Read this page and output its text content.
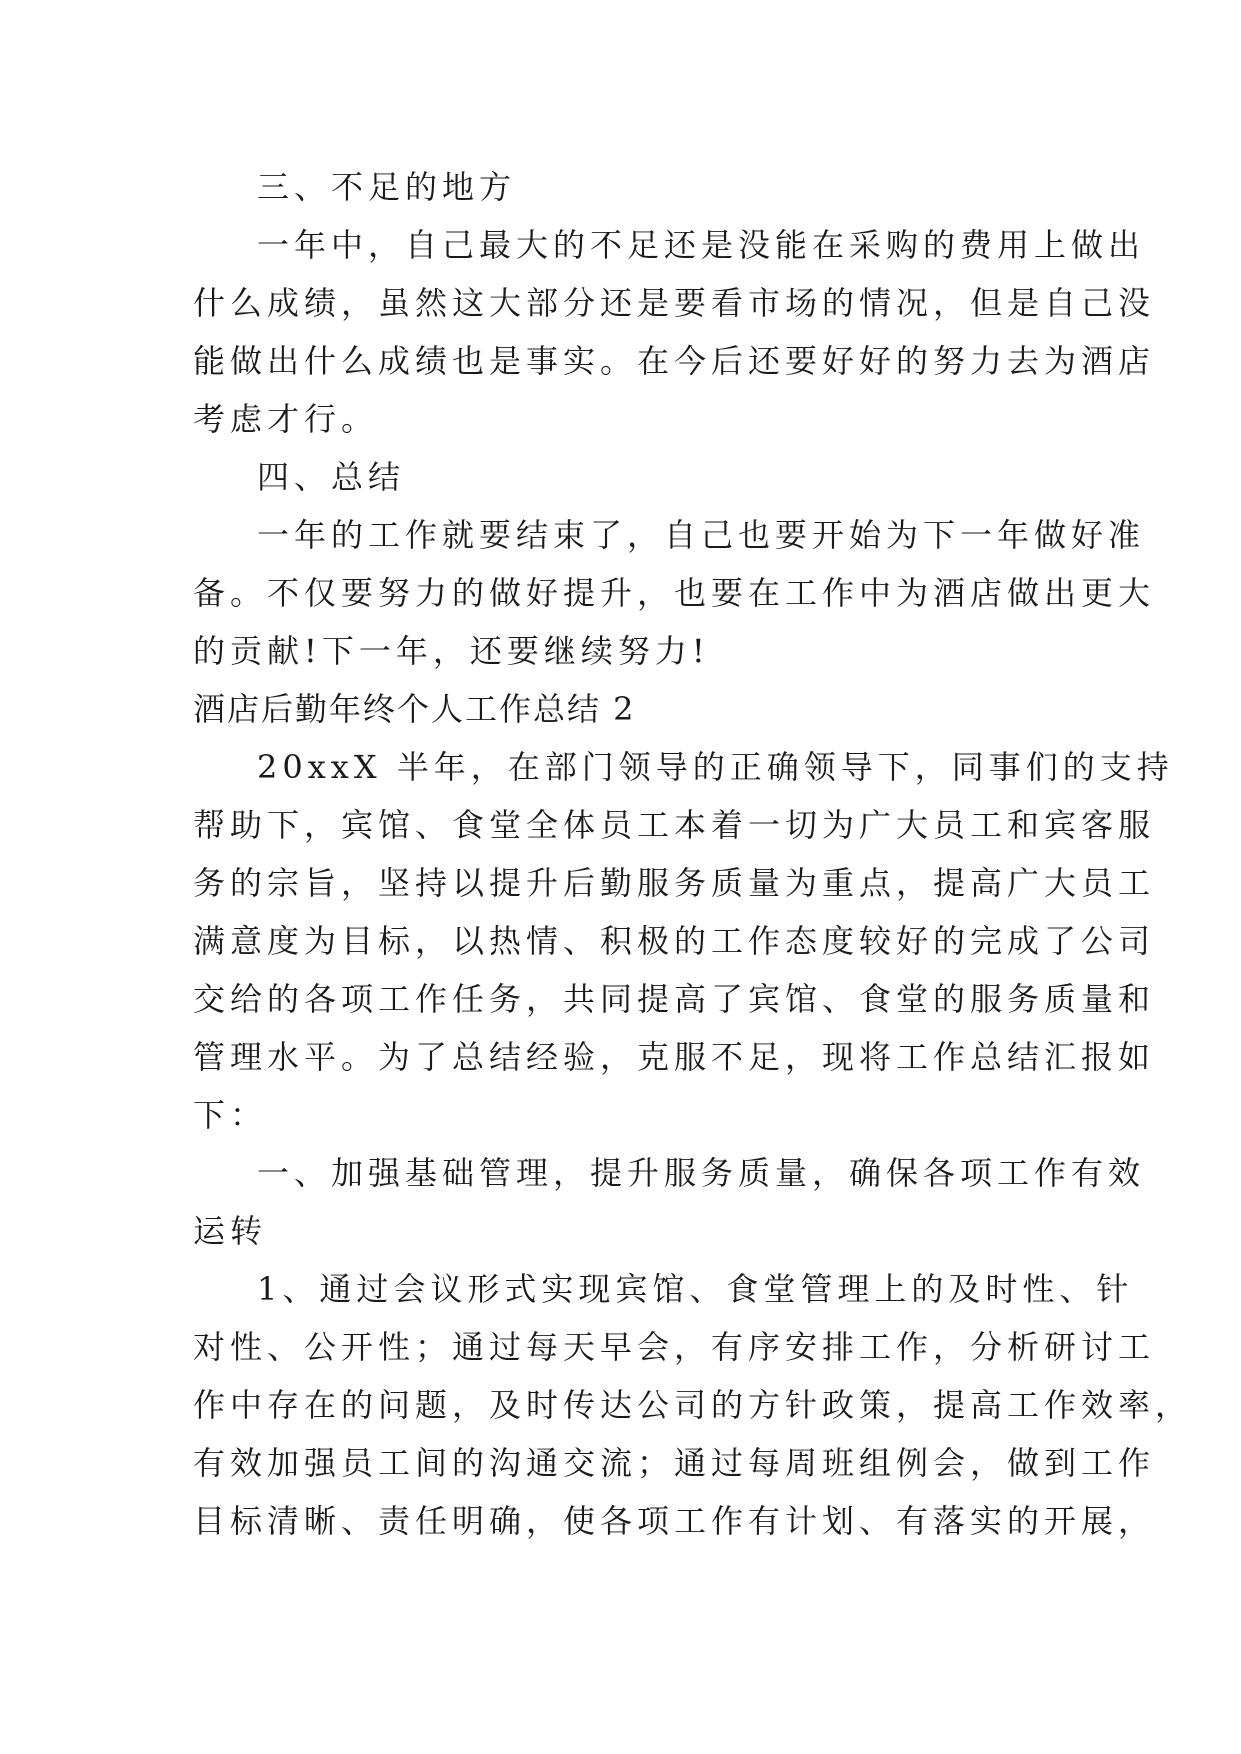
三、不足的地方
一年中，自己最大的不足还是没能在采购的费用上做出
什么成绩，虽然这大部分还是要看市场的情况，但是自己没
能做出什么成绩也是事实。在今后还要好好的努力去为酒店
考虑才行。
四、总结
一年的工作就要结束了，自己也要开始为下一年做好准
备。不仅要努力的做好提升，也要在工作中为酒店做出更大
的贡献!下一年，还要继续努力!
酒店后勤年终个人工作总结 2
20xxX 半年，在部门领导的正确领导下，同事们的支持
帮助下，宾馆、食堂全体员工本着一切为广大员工和宾客服
务的宗旨，坚持以提升后勤服务质量为重点，提高广大员工
满意度为目标，以热情、积极的工作态度较好的完成了公司
交给的各项工作任务，共同提高了宾馆、食堂的服务质量和
管理水平。为了总结经验，克服不足，现将工作总结汇报如
下：
一、加强基础管理，提升服务质量，确保各项工作有效
运转
1、通过会议形式实现宾馆、食堂管理上的及时性、针
对性、公开性；通过每天早会，有序安排工作，分析研讨工
作中存在的问题，及时传达公司的方针政策，提高工作效率，
有效加强员工间的沟通交流；通过每周班组例会，做到工作
目标清晰、责任明确，使各项工作有计划、有落实的开展，
